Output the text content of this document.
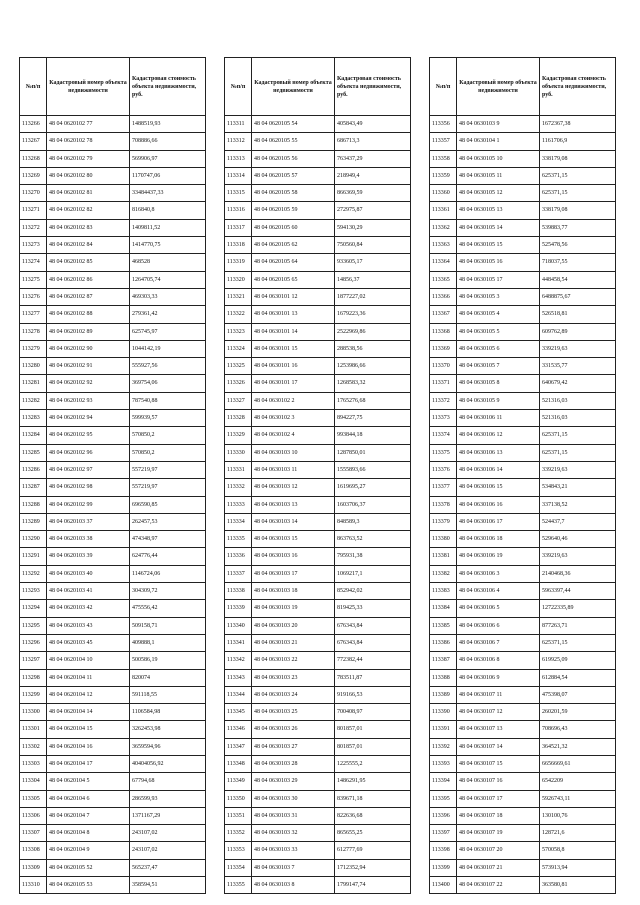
№п/п	Кадастровый номер объекта недвижимости	Кадастровая стоимость объекта недвижимости, руб.
113266	48 04 0620102 77	1488519,93
113267	48 04 0620102 78	708886,66
113268	48 04 0620102 79	569906,97
113269	48 04 0620102 80	1170747,06
113270	48 04 0620102 81	33484437,33
113271	48 04 0620102 82	816840,8
113272	48 04 0620102 83	1409811,52
113273	48 04 0620102 84	1414770,75
113274	48 04 0620102 85	468528
113275	48 04 0620102 86	1264705,74
113276	48 04 0620102 87	469303,33
113277	48 04 0620102 88	279361,42
113278	48 04 0620102 89	625745,97
113279	48 04 0620102 90	1044142,19
113280	48 04 0620102 91	555927,56
113281	48 04 0620102 92	369754,06
113282	48 04 0620102 93	787540,88
113283	48 04 0620102 94	599939,57
113284	48 04 0620102 95	570850,2
113285	48 04 0620102 96	570850,2
113286	48 04 0620102 97	557219,97
113287	48 04 0620102 98	557219,97
113288	48 04 0620102 99	696590,85
113289	48 04 0620103 37	262457,53
113290	48 04 0620103 38	474348,97
113291	48 04 0620103 39	624776,44
113292	48 04 0620103 40	1146724,06
113293	48 04 0620103 41	304309,72
113294	48 04 0620103 42	475556,42
113295	48 04 0620103 43	509158,71
113296	48 04 0620103 45	409888,1
113297	48 04 0620104 10	500586,19
113298	48 04 0620104 11	820074
113299	48 04 0620104 12	591118,55
113300	48 04 0620104 14	1106584,98
113301	48 04 0620104 15	3262453,98
113302	48 04 0620104 16	3659594,96
113303	48 04 0620104 17	40404056,92
113304	48 04 0620104 5	67794,68
113305	48 04 0620104 6	286599,93
113306	48 04 0620104 7	1371167,29
113307	48 04 0620104 8	243107,02
113308	48 04 0620104 9	243107,02
113309	48 04 0620105 52	565237,47
113310	48 04 0620105 53	358594,51
№п/п	Кадастровый номер объекта недвижимости	Кадастровая стоимость объекта недвижимости, руб.
113311	48 04 0620105 54	405843,49
113312	48 04 0620105 55	686713,3
113313	48 04 0620105 56	763437,29
113314	48 04 0620105 57	218949,4
113315	48 04 0620105 58	866369,59
113316	48 04 0620105 59	272975,87
113317	48 04 0620105 60	594130,29
113318	48 04 0620105 62	750560,84
113319	48 04 0620105 64	933605,17
113320	48 04 0620105 65	14856,37
113321	48 04 0630101 12	1877227,02
113322	48 04 0630101 13	1679223,36
113323	48 04 0630101 14	2522969,86
113324	48 04 0630101 15	288538,56
113325	48 04 0630101 16	1253986,66
113326	48 04 0630101 17	1268583,32
113327	48 04 0630102 2	1765276,68
113328	48 04 0630102 3	894227,75
113329	48 04 0630102 4	993844,18
113330	48 04 0630103 10	1287850,01
113331	48 04 0630103 11	1555893,66
113332	48 04 0630103 12	1619695,27
113333	48 04 0630103 13	1603706,37
113334	48 04 0630103 14	848589,3
113335	48 04 0630103 15	863763,52
113336	48 04 0630103 16	795931,38
113337	48 04 0630103 17	1069217,1
113338	48 04 0630103 18	852942,02
113339	48 04 0630103 19	819425,33
113340	48 04 0630103 20	676343,84
113341	48 04 0630103 21	676343,84
113342	48 04 0630103 22	772382,44
113343	48 04 0630103 23	783511,87
113344	48 04 0630103 24	919166,53
113345	48 04 0630103 25	700408,97
113346	48 04 0630103 26	801857,01
113347	48 04 0630103 27	801857,01
113348	48 04 0630103 28	1225555,2
113349	48 04 0630103 29	1486291,95
113350	48 04 0630103 30	839671,18
113351	48 04 0630103 31	822636,68
113352	48 04 0630103 32	865655,25
113353	48 04 0630103 33	612777,69
113354	48 04 0630103 7	1712352,94
113355	48 04 0630103 8	1799147,74
№п/п	Кадастровый номер объекта недвижимости	Кадастровая стоимость объекта недвижимости, руб.
113356	48 04 0630103 9	1672367,38
113357	48 04 0630104 1	1161706,9
113358	48 04 0630105 10	338179,08
113359	48 04 0630105 11	625371,15
113360	48 04 0630105 12	625371,15
113361	48 04 0630105 13	338179,08
113362	48 04 0630105 14	539883,77
113363	48 04 0630105 15	525478,56
113364	48 04 0630105 16	718037,55
113365	48 04 0630105 17	448458,54
113366	48 04 0630105 3	6488875,67
113367	48 04 0630105 4	526518,81
113368	48 04 0630105 5	609762,89
113369	48 04 0630105 6	339219,63
113370	48 04 0630105 7	331535,77
113371	48 04 0630105 8	640679,42
113372	48 04 0630105 9	521316,03
113373	48 04 0630106 11	521316,03
113374	48 04 0630106 12	625371,15
113375	48 04 0630106 13	625371,15
113376	48 04 0630106 14	339219,63
113377	48 04 0630106 15	534843,21
113378	48 04 0630106 16	337138,52
113379	48 04 0630106 17	524437,7
113380	48 04 0630106 18	529640,46
113381	48 04 0630106 19	339219,63
113382	48 04 0630106 3	2140468,36
113383	48 04 0630106 4	5963397,44
113384	48 04 0630106 5	12722335,89
113385	48 04 0630106 6	877263,71
113386	48 04 0630106 7	625371,15
113387	48 04 0630106 8	619925,09
113388	48 04 0630106 9	612884,54
113389	48 04 0630107 11	475398,07
113390	48 04 0630107 12	260201,59
113391	48 04 0630107 13	708696,43
113392	48 04 0630107 14	364521,32
113393	48 04 0630107 15	6656669,61
113394	48 04 0630107 16	6542209
113395	48 04 0630107 17	5926743,11
113396	48 04 0630107 18	130100,76
113397	48 04 0630107 19	128721,6
113398	48 04 0630107 20	570058,8
113399	48 04 0630107 21	573913,94
113400	48 04 0630107 22	363580,81
